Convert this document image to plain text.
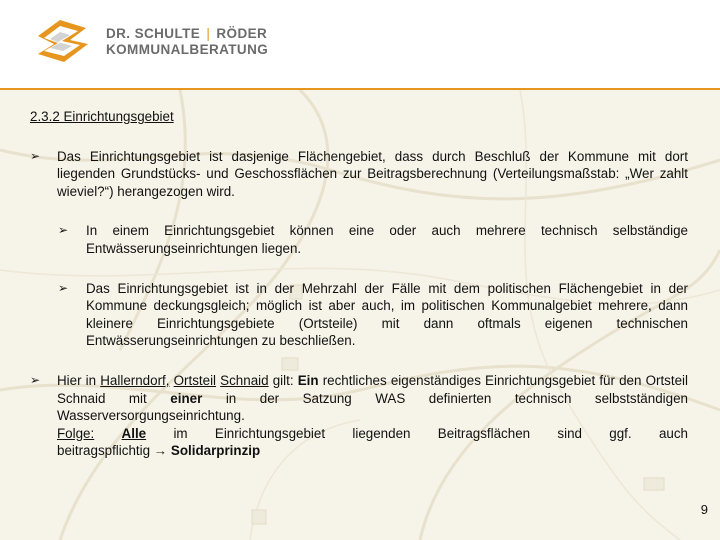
DR. SCHULTE | RÖDER
KOMMUNALBERATUNG
2.3.2 Einrichtungsgebiet
➢ Das Einrichtungsgebiet ist dasjenige Flächengebiet, dass durch Beschluß der Kommune mit dort liegenden Grundstücks- und Geschossflächen zur Beitragsberechnung (Verteilungsmaßstab: „Wer zahlt wieviel?“) herangezogen wird.
➢ In einem Einrichtungsgebiet können eine oder auch mehrere technisch selbständige Entwässerungseinrichtungen liegen.
➢ Das Einrichtungsgebiet ist in der Mehrzahl der Fälle mit dem politischen Flächengebiet in der Kommune deckungsgleich; möglich ist aber auch, im politischen Kommunalgebiet mehrere, dann kleinere Einrichtungsgebiete (Ortsteile) mit dann oftmals eigenen technischen Entwässerungseinrichtungen zu beschließen.
➢ Hier in Hallerndorf, Ortsteil Schnaid gilt: Ein rechtliches eigenständiges Einrichtungsgebiet für den Ortsteil Schnaid mit einer in der Satzung WAS definierten technisch selbstständigen Wasserversorgungseinrichtung.
Folge: Alle im Einrichtungsgebiet liegenden Beitragsflächen sind ggf. auch
beitragspflichtig → Solidarprinzip
9
